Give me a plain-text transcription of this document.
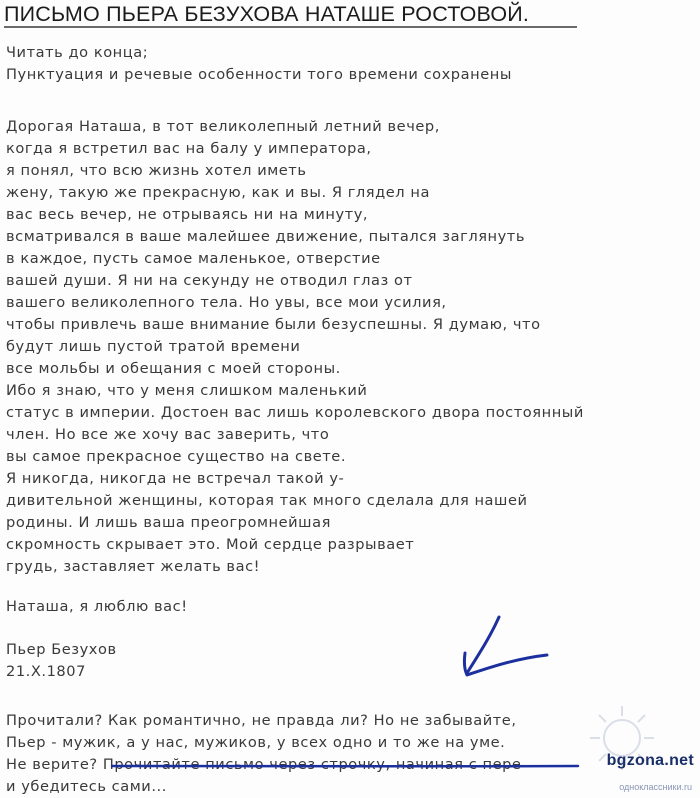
ПИСЬМО ПЬЕРА БЕЗУХОВА НАТАШЕ РОСТОВОЙ.
Читать до конца;
Пунктуация и речевые особенности того времени сохранены
Дорогая Наташа, в тот великолепный летний вечер,
когда я встретил вас на балу у императора,
я понял, что всю жизнь хотел иметь
жену, такую же прекрасную, как и вы. Я глядел на
вас весь вечер, не отрываясь ни на минуту,
всматривался в ваше малейшее движение, пытался заглянуть
в каждое, пусть самое маленькое, отверстие
вашей души. Я ни на секунду не отводил глаз от
вашего великолепного тела. Но увы, все мои усилия,
чтобы привлечь ваше внимание были безуспешны. Я думаю, что
будут лишь пустой тратой времени
все мольбы и обещания с моей стороны.
Ибо я знаю, что у меня слишком маленький
статус в империи. Достоен вас лишь королевского двора постоянный
член. Но все же хочу вас заверить, что
вы самое прекрасное существо на свете.
Я никогда, никогда не встречал такой у-
дивительной женщины, которая так много сделала для нашей
родины. И лишь ваша преогромнейшая
скромность скрывает это. Мой сердце разрывает
грудь, заставляет желать вас!
Наташа, я люблю вас!
Пьер Безухов
21.Х.1807
Прочитали? Как романтично, не правда ли? Но не забывайте,
Пьер - мужик, а у нас, мужиков, у всех одно и то же на уме.
Не верите? Прочитайте письмо через строчку, начиная с пере
и убедитесь сами...
bgzona.net
одноклассники.ru
